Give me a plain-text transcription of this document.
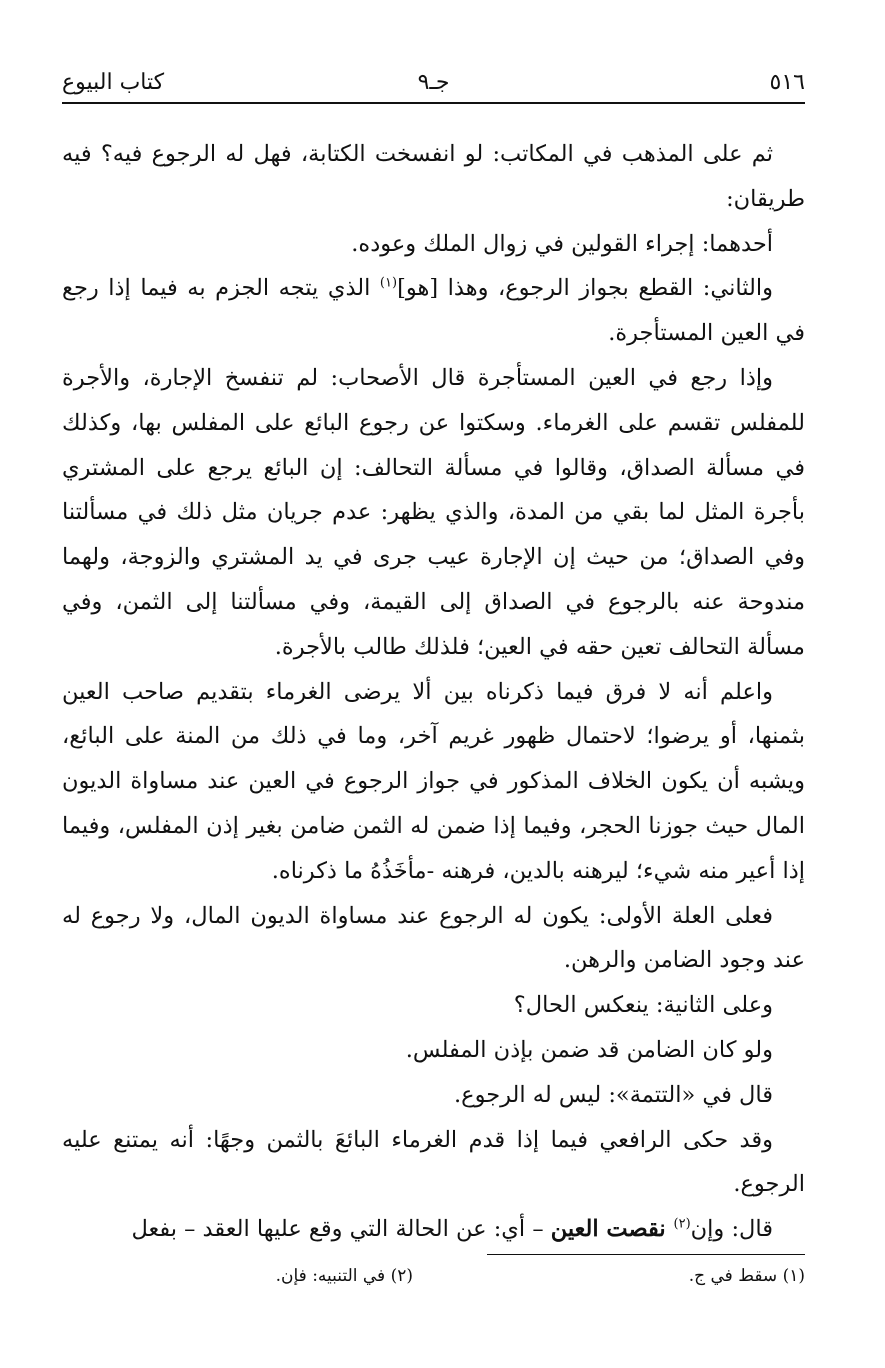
٥١٦
جـ٩
كتاب البيوع

ثم على المذهب في المكاتب: لو انفسخت الكتابة، فهل له الرجوع فيه؟ فيه طريقان:

أحدهما: إجراء القولين في زوال الملك وعوده.

والثاني: القطع بجواز الرجوع، وهذا [هو]$^{(١)}$ الذي يتجه الجزم به فيما إذا رجع في العين المستأجرة.

وإذا رجع في العين المستأجرة قال الأصحاب: لم تنفسخ الإجارة، والأجرة للمفلس تقسم على الغرماء. وسكتوا عن رجوع البائع على المفلس بها، وكذلك في مسألة الصداق، وقالوا في مسألة التحالف: إن البائع يرجع على المشتري بأجرة المثل لما بقي من المدة، والذي يظهر: عدم جريان مثل ذلك في مسألتنا وفي الصداق؛ من حيث إن الإجارة عيب جرى في يد المشتري والزوجة، ولهما مندوحة عنه بالرجوع في الصداق إلى القيمة، وفي مسألتنا إلى الثمن، وفي مسألة التحالف تعين حقه في العين؛ فلذلك طالب بالأجرة.

واعلم أنه لا فرق فيما ذكرناه بين ألا يرضى الغرماء بتقديم صاحب العين بثمنها، أو يرضوا؛ لاحتمال ظهور غريم آخر، وما في ذلك من المنة على البائع، ويشبه أن يكون الخلاف المذكور في جواز الرجوع في العين عند مساواة الديون المال حيث جوزنا الحجر، وفيما إذا ضمن له الثمن ضامن بغير إذن المفلس، وفيما إذا أعير منه شيء؛ ليرهنه بالدين، فرهنه -مأخَذُهُ ما ذكرناه.

فعلى العلة الأولى: يكون له الرجوع عند مساواة الديون المال، ولا رجوع له عند وجود الضامن والرهن.

وعلى الثانية: ينعكس الحال؟

ولو كان الضامن قد ضمن بإذن المفلس.

قال في «التتمة»: ليس له الرجوع.

وقد حكى الرافعي فيما إذا قدم الغرماء البائعَ بالثمن وجهًا: أنه يمتنع عليه الرجوع.

قال: وإن$^{(٢)}$ نقصت العين – أي: عن الحالة التي وقع عليها العقد – بفعل

(١) سقط في ج.
(٢) في التنبيه: فإن.
